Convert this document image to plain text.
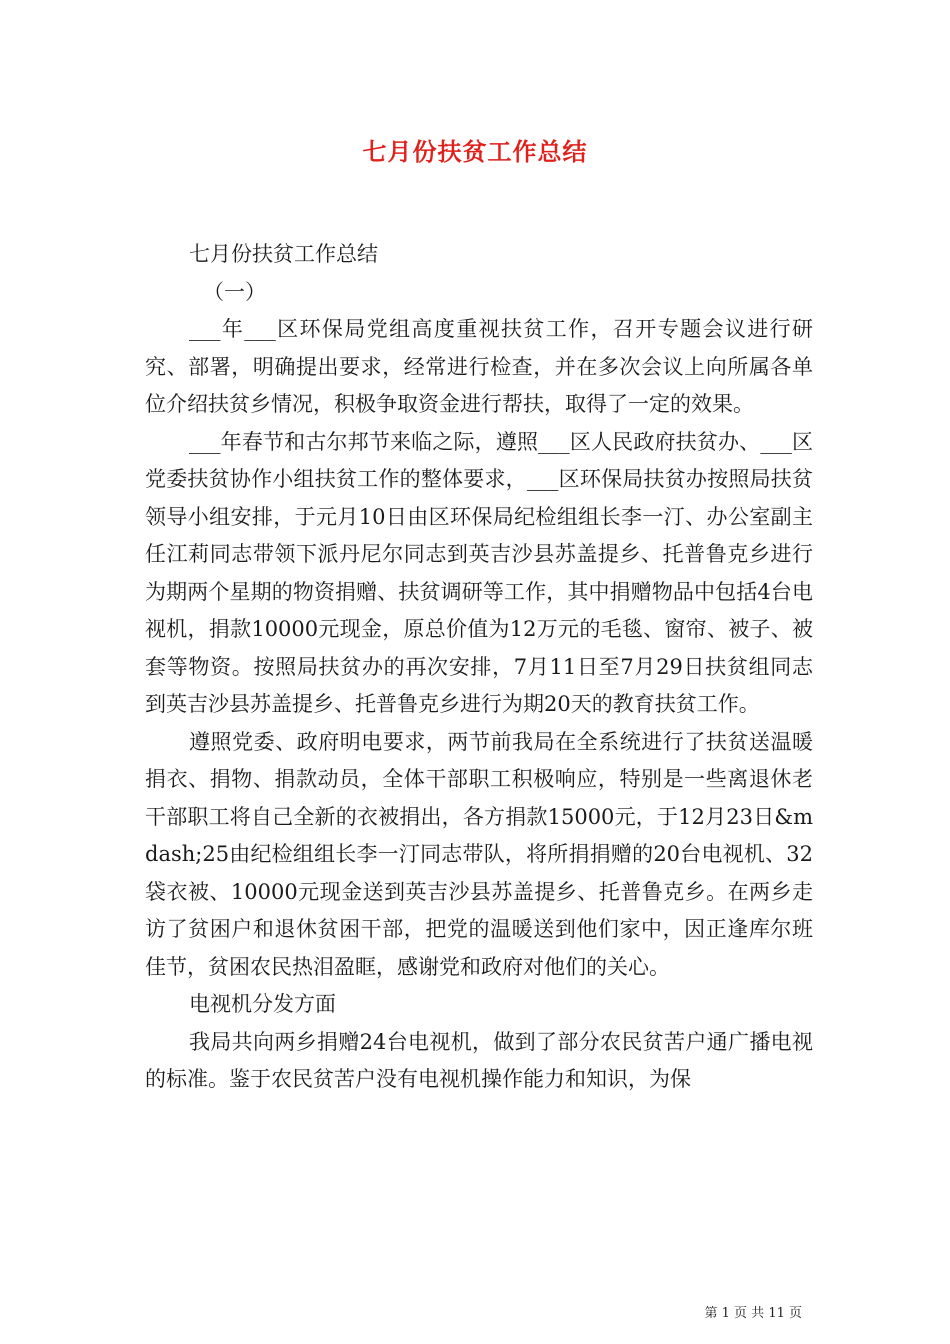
七月份扶贫工作总结

七月份扶贫工作总结

（一）

___年___区环保局党组高度重视扶贫工作，召开专题会议进行研究、部署，明确提出要求，经常进行检查，并在多次会议上向所属各单位介绍扶贫乡情况，积极争取资金进行帮扶，取得了一定的效果。

___年春节和古尔邦节来临之际，遵照___区人民政府扶贫办、___区党委扶贫协作小组扶贫工作的整体要求，___区环保局扶贫办按照局扶贫领导小组安排，于元月10日由区环保局纪检组组长李一汀、办公室副主任江莉同志带领下派丹尼尔同志到英吉沙县苏盖提乡、托普鲁克乡进行为期两个星期的物资捐赠、扶贫调研等工作，其中捐赠物品中包括4台电视机，捐款10000元现金，原总价值为12万元的毛毯、窗帘、被子、被套等物资。按照局扶贫办的再次安排，7月11日至7月29日扶贫组同志到英吉沙县苏盖提乡、托普鲁克乡进行为期20天的教育扶贫工作。

遵照党委、政府明电要求，两节前我局在全系统进行了扶贫送温暖捐衣、捐物、捐款动员，全体干部职工积极响应，特别是一些离退休老干部职工将自己全新的衣被捐出，各方捐款15000元，于12月23日&mdash;25由纪检组组长李一汀同志带队，将所捐捐赠的20台电视机、32袋衣被、10000元现金送到英吉沙县苏盖提乡、托普鲁克乡。在两乡走访了贫困户和退休贫困干部，把党的温暖送到他们家中，因正逢库尔班佳节，贫困农民热泪盈眶，感谢党和政府对他们的关心。

电视机分发方面

我局共向两乡捐赠24台电视机，做到了部分农民贫苦户通广播电视的标准。鉴于农民贫苦户没有电视机操作能力和知识，为保

第 1 页 共 11 页
